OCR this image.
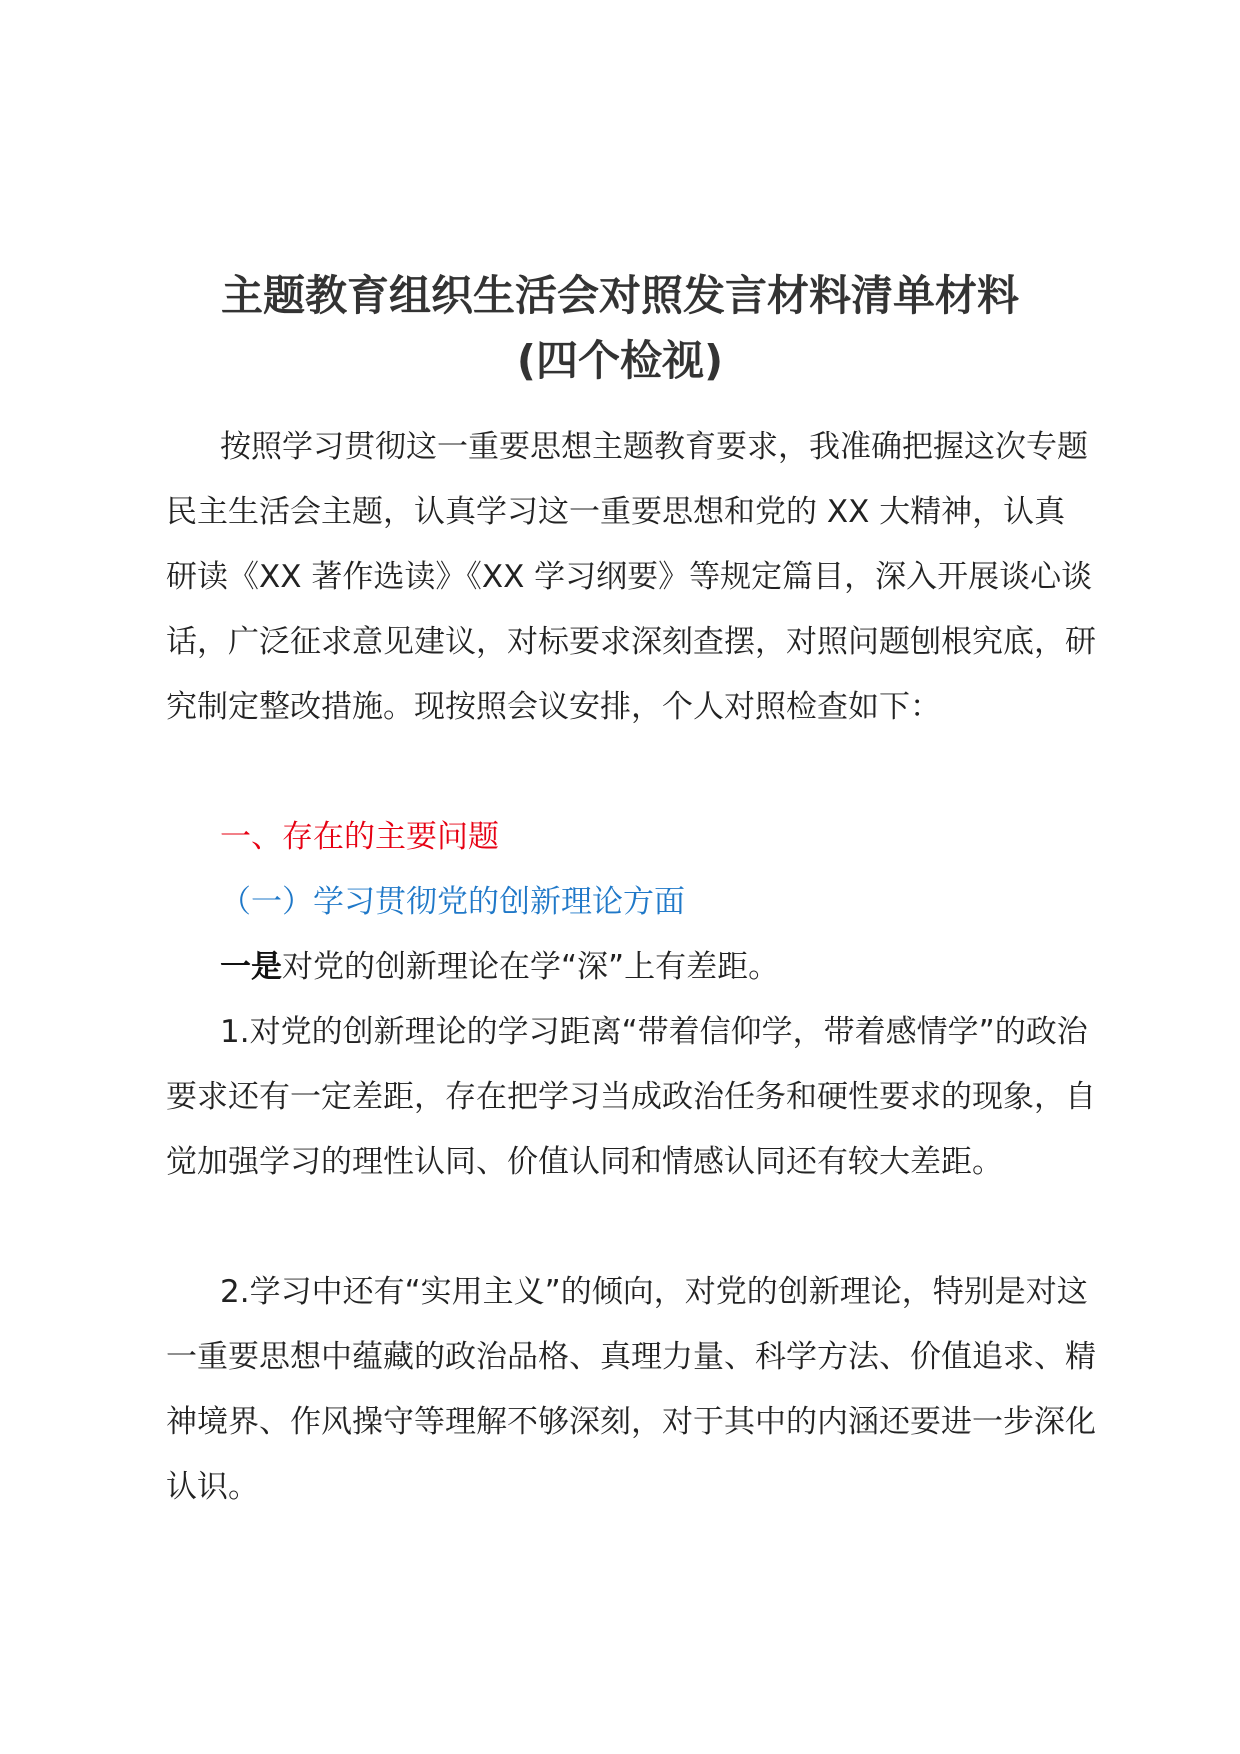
主题教育组织生活会对照发言材料清单材料
(四个检视)

按照学习贯彻这一重要思想主题教育要求，我准确把握这次专题民主生活会主题，认真学习这一重要思想和党的 XX 大精神，认真研读《XX 著作选读》《XX 学习纲要》等规定篇目，深入开展谈心谈话，广泛征求意见建议，对标要求深刻查摆，对照问题刨根究底，研究制定整改措施。现按照会议安排，个人对照检查如下：

一、存在的主要问题

（一）学习贯彻党的创新理论方面

一是对党的创新理论在学“深”上有差距。

1.对党的创新理论的学习距离“带着信仰学，带着感情学”的政治要求还有一定差距，存在把学习当成政治任务和硬性要求的现象，自觉加强学习的理性认同、价值认同和情感认同还有较大差距。

2.学习中还有“实用主义”的倾向，对党的创新理论，特别是对这一重要思想中蕴藏的政治品格、真理力量、科学方法、价值追求、精神境界、作风操守等理解不够深刻，对于其中的内涵还要进一步深化认识。
